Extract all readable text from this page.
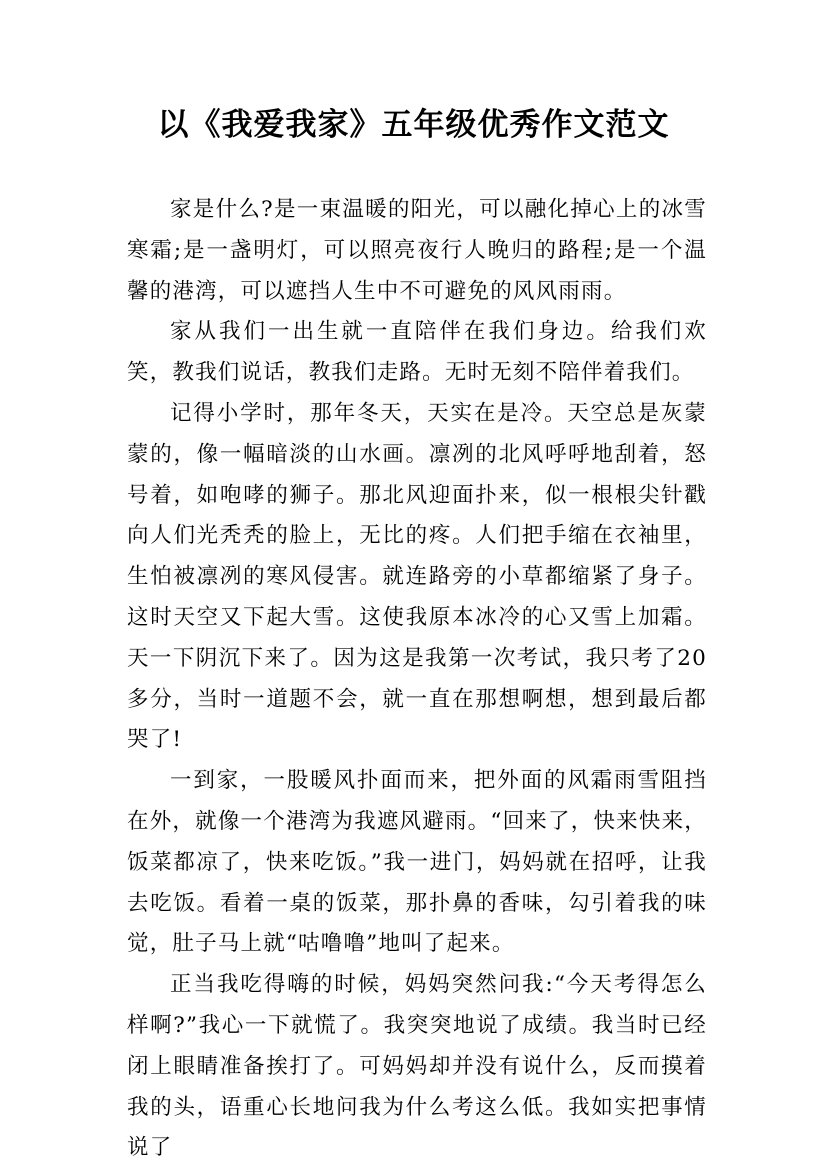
以《我爱我家》五年级优秀作文范文

家是什么?是一束温暖的阳光，可以融化掉心上的冰雪寒霜;是一盏明灯，可以照亮夜行人晚归的路程;是一个温馨的港湾，可以遮挡人生中不可避免的风风雨雨。

家从我们一出生就一直陪伴在我们身边。给我们欢笑，教我们说话，教我们走路。无时无刻不陪伴着我们。

记得小学时，那年冬天，天实在是冷。天空总是灰蒙蒙的，像一幅暗淡的山水画。凛冽的北风呼呼地刮着，怒号着，如咆哮的狮子。那北风迎面扑来，似一根根尖针戳向人们光秃秃的脸上，无比的疼。人们把手缩在衣袖里，生怕被凛冽的寒风侵害。就连路旁的小草都缩紧了身子。这时天空又下起大雪。这使我原本冰冷的心又雪上加霜。天一下阴沉下来了。因为这是我第一次考试，我只考了20多分，当时一道题不会，就一直在那想啊想，想到最后都哭了!

一到家，一股暖风扑面而来，把外面的风霜雨雪阻挡在外，就像一个港湾为我遮风避雨。“回来了，快来快来，饭菜都凉了，快来吃饭。”我一进门，妈妈就在招呼，让我去吃饭。看着一桌的饭菜，那扑鼻的香味，勾引着我的味觉，肚子马上就“咕噜噜”地叫了起来。

正当我吃得嗨的时候，妈妈突然问我:“今天考得怎么样啊?”我心一下就慌了。我突突地说了成绩。我当时已经闭上眼睛准备挨打了。可妈妈却并没有说什么，反而摸着我的头，语重心长地问我为什么考这么低。我如实把事情说了
